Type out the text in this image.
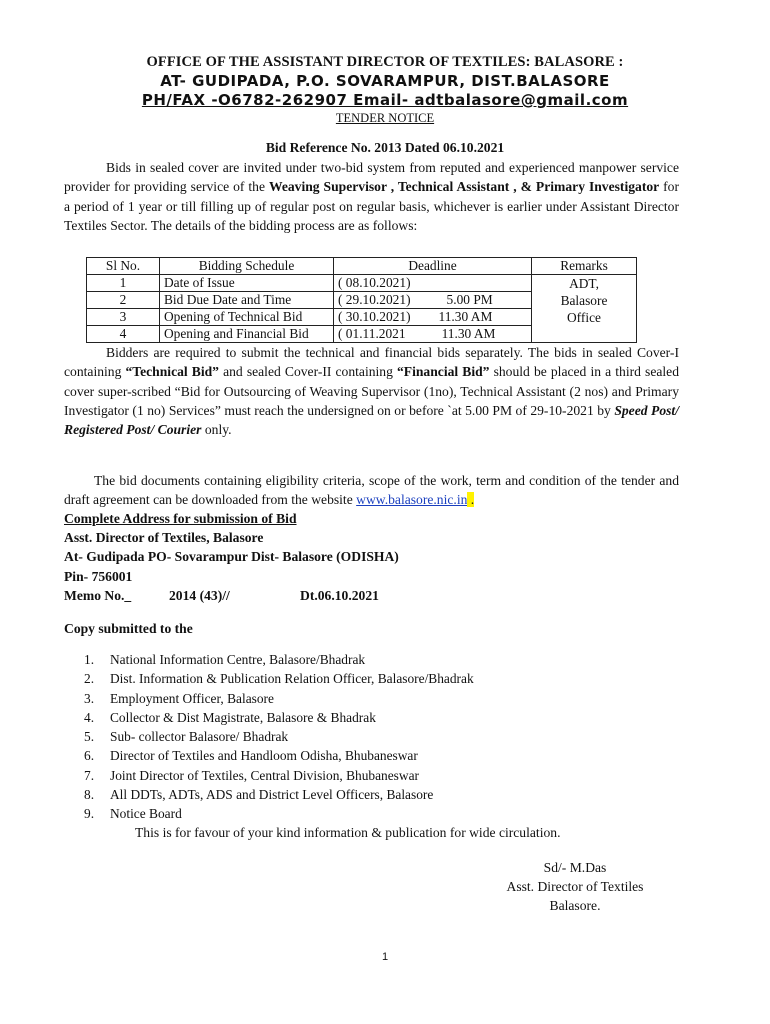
OFFICE OF THE ASSISTANT DIRECTOR OF TEXTILES: BALASORE :
AT- GUDIPADA, P.O. SOVARAMPUR, DIST.BALASORE
PH/FAX -O6782-262907 Email- adtbalasore@gmail.com
TENDER NOTICE
Bid Reference No. 2013 Dated 06.10.2021
Bids in sealed cover are invited under two-bid system from reputed and experienced manpower service provider for providing service of the Weaving Supervisor , Technical Assistant , & Primary Investigator for a period of 1 year or till filling up of regular post on regular basis, whichever is earlier under Assistant Director Textiles Sector. The details of the bidding process are as follows:
Sl No.	Bidding Schedule	Deadline	Remarks
1	Date of Issue	( 08.10.2021)	ADT,
Balasore
Office

2	Bid Due Date and Time	( 29.10.2021) 5.00 PM	
3	Opening of Technical Bid	( 30.10.2021) 11.30 AM	
4	Opening and Financial Bid	( 01.11.2021 11.30 AM	
Bidders are required to submit the technical and financial bids separately. The bids in sealed Cover-I containing “Technical Bid” and sealed Cover-II containing “Financial Bid” should be placed in a third sealed cover super-scribed “Bid for Outsourcing of Weaving Supervisor (1no), Technical Assistant (2 nos) and Primary Investigator (1 no) Services” must reach the undersigned on or before `at 5.00 PM of 29-10-2021 by Speed Post/ Registered Post/ Courier only.
The bid documents containing eligibility criteria, scope of the work, term and condition of the tender and draft agreement can be downloaded from the website www.balasore.nic.in .
Complete Address for submission of Bid
Asst. Director of Textiles, Balasore
At- Gudipada PO- Sovarampur Dist- Balasore (ODISHA)
Pin- 756001
Memo No._	2014 (43)//	Dt.06.10.2021
Copy submitted to the
1. National Information Centre, Balasore/Bhadrak
2. Dist. Information & Publication Relation Officer, Balasore/Bhadrak
3. Employment Officer, Balasore
4. Collector & Dist Magistrate, Balasore & Bhadrak
5. Sub- collector Balasore/ Bhadrak
6. Director of Textiles and Handloom Odisha, Bhubaneswar
7. Joint Director of Textiles, Central Division, Bhubaneswar
8. All DDTs, ADTs, ADS and District Level Officers, Balasore
9. Notice Board
This is for favour of your kind information & publication for wide circulation.
Sd/- M.Das
Asst. Director of Textiles
Balasore.
1
